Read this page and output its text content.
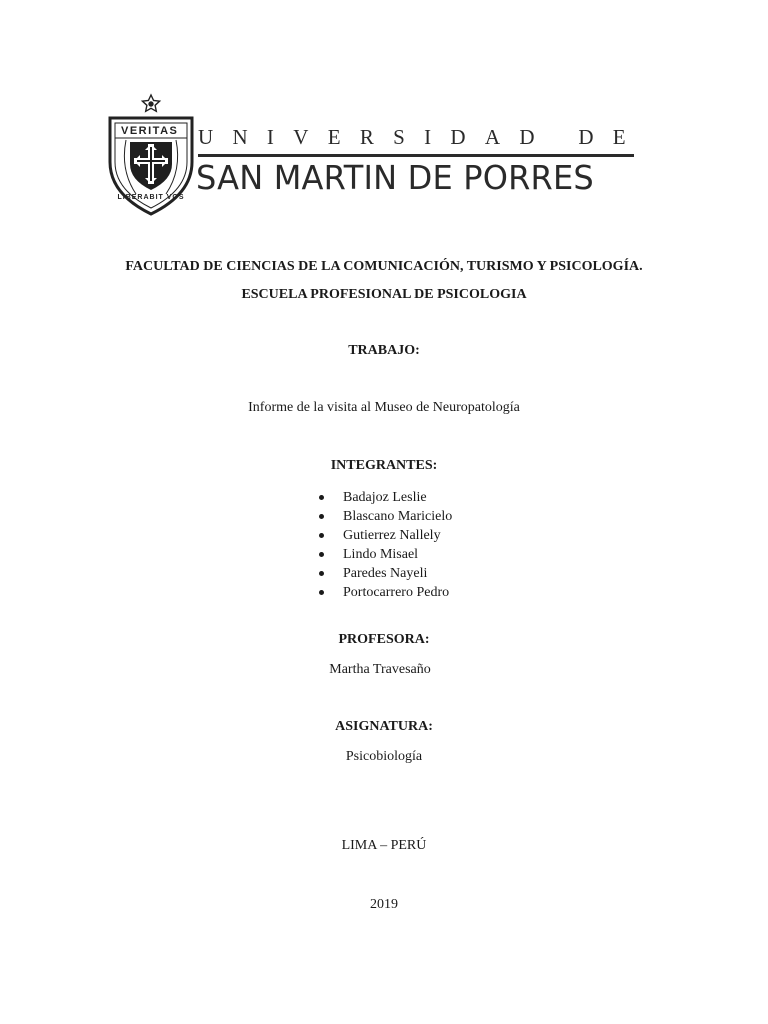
VERITAS
LIBERABIT VOS
UNIVERSIDAD DE
SAN MARTIN DE PORRES
FACULTAD DE CIENCIAS DE LA COMUNICACIÓN, TURISMO Y PSICOLOGÍA.
ESCUELA PROFESIONAL DE PSICOLOGIA
TRABAJO:
Informe de la visita al Museo de Neuropatología
INTEGRANTES:
Badajoz Leslie
Blascano Maricielo
Gutierrez Nallely
Lindo Misael
Paredes Nayeli
Portocarrero Pedro
PROFESORA:
Martha Travesaño
ASIGNATURA:
Psicobiología
LIMA – PERÚ
2019
